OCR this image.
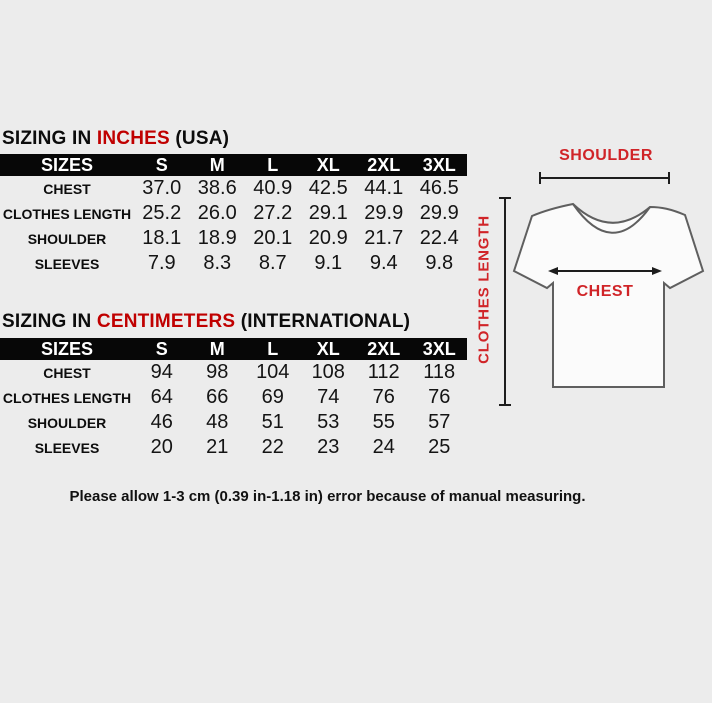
SIZING IN INCHES (USA)
SIZES	S	M	L	XL	2XL	3XL
CHEST	37.0 38.6 40.9 42.5 44.1 46.5
CLOTHES LENGTH 25.2 26.0 27.2 29.1 29.9 29.9
SHOULDER	18.1 18.9 20.1 20.9 21.7 22.4
SLEEVES	7.9	8.3	8.7	9.1	9.4	9.8
SIZING IN CENTIMETERS (INTERNATIONAL)
SIZES	S	M	L	XL	2XL	3XL
CHEST	94	98	104	108	112	118
CLOTHES LENGTH 64	66	69	74	76	76
SHOULDER	46	48	51	53	55	57
SLEEVES	20	21	22	23	24	25
Please allow 1-3 cm (0.39 in-1.18 in) error because of manual measuring.
SHOULDER
CHEST
CLOTHES LENGTH
